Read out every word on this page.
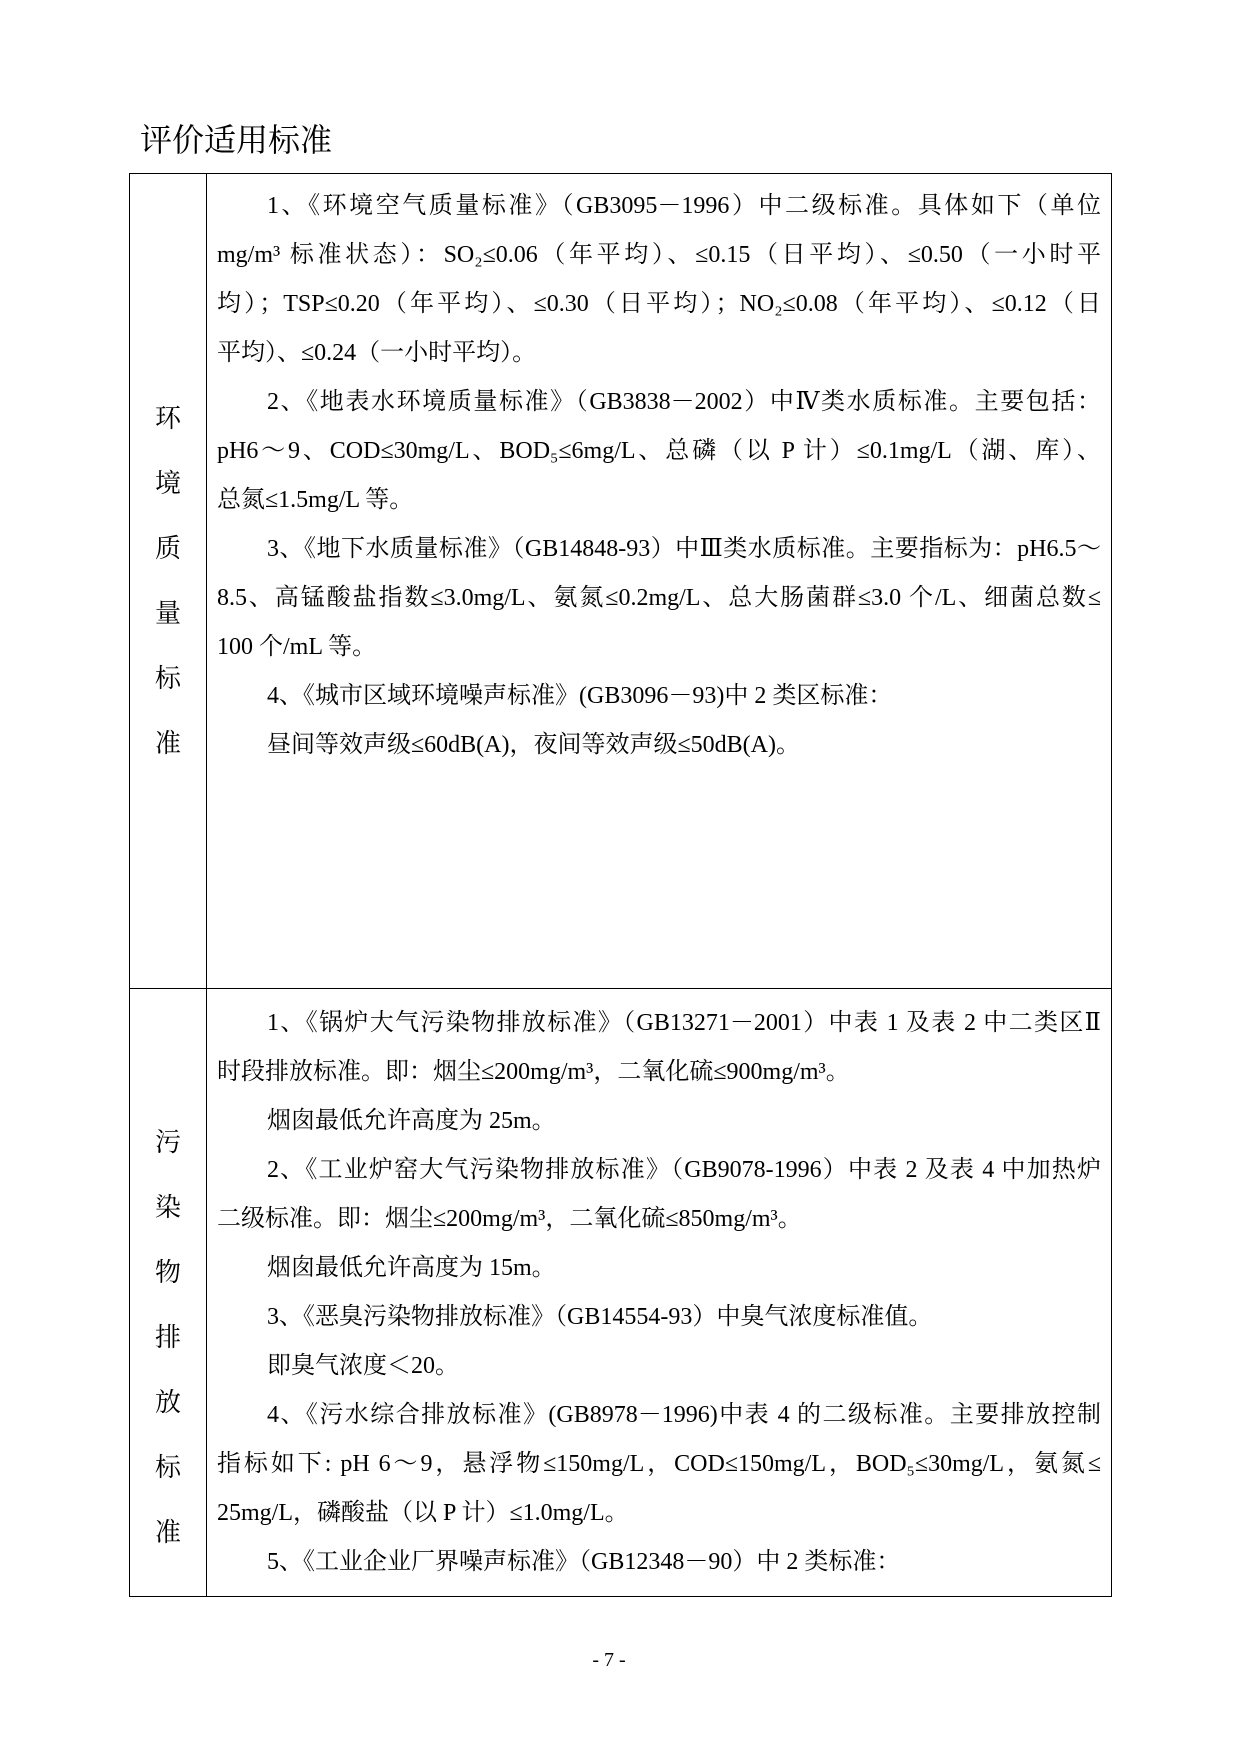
评价适用标准
环境质量标准
1、《环境空气质量标准》（GB3095－1996）中二级标准。具体如下（单位
mg/m³ 标准状态）：SO₂≤0.06（年平均）、≤0.15（日平均）、≤0.50（一小时平
均）；TSP≤0.20（年平均）、≤0.30（日平均）；NO₂≤0.08（年平均）、≤0.12（日
平均）、≤0.24（一小时平均）。
2、《地表水环境质量标准》（GB3838－2002）中Ⅳ类水质标准。主要包括：
pH6～9、COD≤30mg/L、BOD₅≤6mg/L、总磷（以 P 计）≤0.1mg/L（湖、库）、
总氮≤1.5mg/L 等。
3、《地下水质量标准》（GB14848-93）中Ⅲ类水质标准。主要指标为：pH6.5～
8.5、高锰酸盐指数≤3.0mg/L、氨氮≤0.2mg/L、总大肠菌群≤3.0 个/L、细菌总数≤
100 个/mL 等。
4、《城市区域环境噪声标准》(GB3096－93)中 2 类区标准：
昼间等效声级≤60dB(A)，夜间等效声级≤50dB(A)。
污染物排放标准
1、《锅炉大气污染物排放标准》（GB13271－2001）中表 1 及表 2 中二类区Ⅱ
时段排放标准。即：烟尘≤200mg/m³，二氧化硫≤900mg/m³。
烟囱最低允许高度为 25m。
2、《工业炉窑大气污染物排放标准》（GB9078-1996）中表 2 及表 4 中加热炉
二级标准。即：烟尘≤200mg/m³，二氧化硫≤850mg/m³。
烟囱最低允许高度为 15m。
3、《恶臭污染物排放标准》（GB14554-93）中臭气浓度标准值。
即臭气浓度＜20。
4、《污水综合排放标准》(GB8978－1996)中表 4 的二级标准。主要排放控制
指标如下: pH 6～9，悬浮物≤150mg/L，COD≤150mg/L，BOD₅≤30mg/L，氨氮≤
25mg/L，磷酸盐（以 P 计）≤1.0mg/L。
5、《工业企业厂界噪声标准》（GB12348－90）中 2 类标准：
- 7 -
